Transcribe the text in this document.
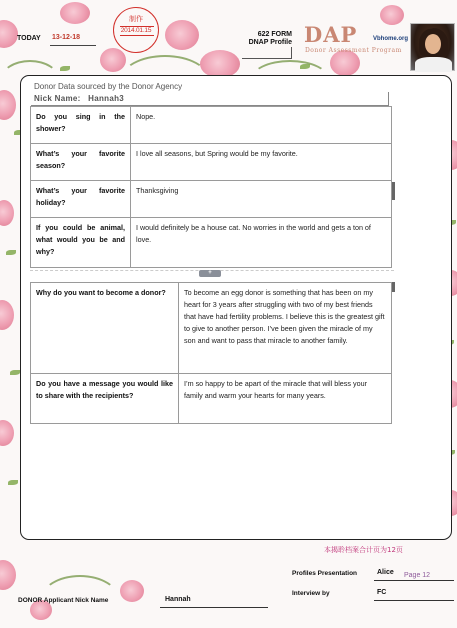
TODAY 13-12-18
制作
2014.01.15
622 FORM
DNAP Profile DAP	Vbhome.org
Donor Assessment Program
Donor Data sourced by the Donor Agency
Nick Name: Hannah3
Do you sing in the shower?	Nope.
What’s your favorite season?	I love all seasons, but Spring would be my favorite.
What’s your favorite holiday?	Thanksgiving
If you could be animal, what would you be and why?	I would definitely be a house cat. No worries in the world and gets a ton of love.
+
Why do you want to become a donor?	To become an egg donor is something that has been on my heart for 3 years after struggling with two of my best friends that have had fertility problems. I believe this is the greatest gift to give to another person. I’ve been given the miracle of my son and want to pass that miracle to another family.
Do you have a message you would like to share with the recipients?	I’m so happy to be apart of the miracle that will bless your family and warm your hearts for many years.
本揭聆档案合计页为12页
Profiles Presentation	Alice Page 12
Interview by	FC
DONOR Applicant Nick Name	Hannah
